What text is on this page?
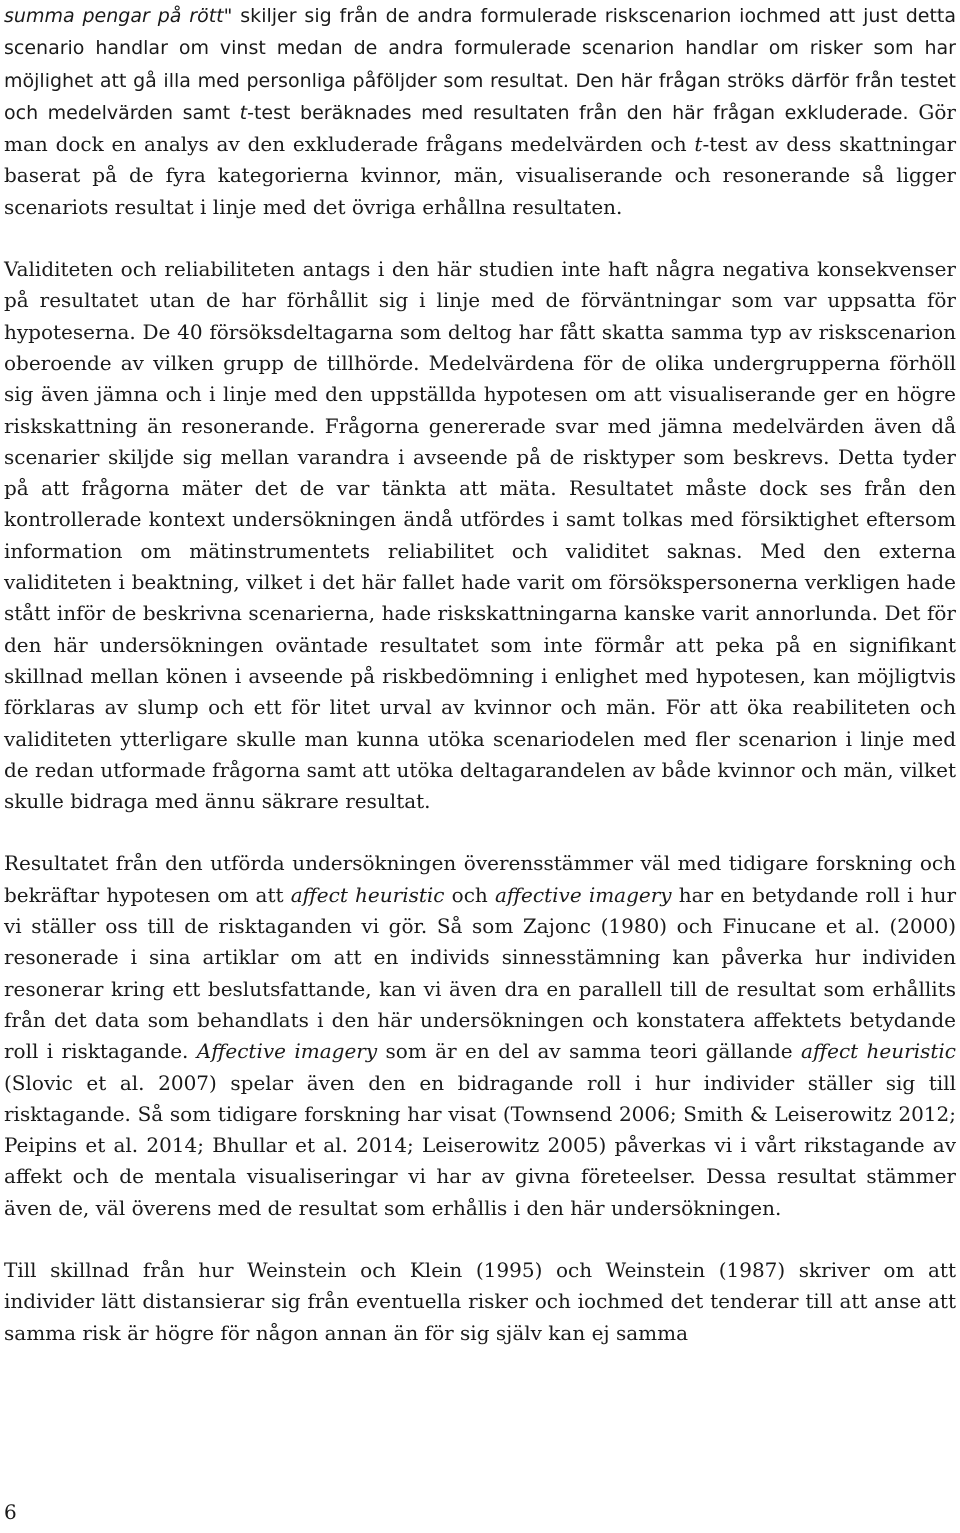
summa pengar på rött" skiljer sig från de andra formulerade riskscenarion iochmed att just detta scenario handlar om vinst medan de andra formulerade scenarion handlar om risker som har möjlighet att gå illa med personliga påföljder som resultat. Den här frågan ströks därför från testet och medelvärden samt t-test beräknades med resultaten från den här frågan exkluderade. Gör man dock en analys av den exkluderade frågans medelvärden och t-test av dess skattningar baserat på de fyra kategorierna kvinnor, män, visualiserande och resonerande så ligger scenariots resultat i linje med det övriga erhållna resultaten.

Validiteten och reliabiliteten antags i den här studien inte haft några negativa konsekvenser på resultatet utan de har förhållit sig i linje med de förväntningar som var uppsatta för hypoteserna. De 40 försöksdeltagarna som deltog har fått skatta samma typ av riskscenarion oberoende av vilken grupp de tillhörde. Medelvärdena för de olika undergrupperna förhöll sig även jämna och i linje med den uppställda hypotesen om att visualiserande ger en högre riskskattning än resonerande. Frågorna genererade svar med jämna medelvärden även då scenarier skiljde sig mellan varandra i avseende på de risktyper som beskrevs. Detta tyder på att frågorna mäter det de var tänkta att mäta. Resultatet måste dock ses från den kontrollerade kontext undersökningen ändå utfördes i samt tolkas med försiktighet eftersom information om mätinstrumentets reliabilitet och validitet saknas. Med den externa validiteten i beaktning, vilket i det här fallet hade varit om försökspersonerna verkligen hade stått inför de beskrivna scenarierna, hade riskskattningarna kanske varit annorlunda. Det för den här undersökningen oväntade resultatet som inte förmår att peka på en signifikant skillnad mellan könen i avseende på riskbedömning i enlighet med hypotesen, kan möjligtvis förklaras av slump och ett för litet urval av kvinnor och män. För att öka reabiliteten och validiteten ytterligare skulle man kunna utöka scenariodelen med fler scenarion i linje med de redan utformade frågorna samt att utöka deltagarandelen av både kvinnor och män, vilket skulle bidraga med ännu säkrare resultat.

Resultatet från den utförda undersökningen överensstämmer väl med tidigare forskning och bekräftar hypotesen om att affect heuristic och affective imagery har en betydande roll i hur vi ställer oss till de risktaganden vi gör. Så som Zajonc (1980) och Finucane et al. (2000) resonerade i sina artiklar om att en individs sinnesstämning kan påverka hur individen resonerar kring ett beslutsfattande, kan vi även dra en parallell till de resultat som erhållits från det data som behandlats i den här undersökningen och konstatera affektets betydande roll i risktagande. Affective imagery som är en del av samma teori gällande affect heuristic (Slovic et al. 2007) spelar även den en bidragande roll i hur individer ställer sig till risktagande. Så som tidigare forskning har visat (Townsend 2006; Smith & Leiserowitz 2012; Peipins et al. 2014; Bhullar et al. 2014; Leiserowitz 2005) påverkas vi i vårt rikstagande av affekt och de mentala visualiseringar vi har av givna företeelser. Dessa resultat stämmer även de, väl överens med de resultat som erhållis i den här undersökningen.

Till skillnad från hur Weinstein och Klein (1995) och Weinstein (1987) skriver om att individer lätt distansierar sig från eventuella risker och iochmed det tenderar till att anse att samma risk är högre för någon annan än för sig själv kan ej samma

6
